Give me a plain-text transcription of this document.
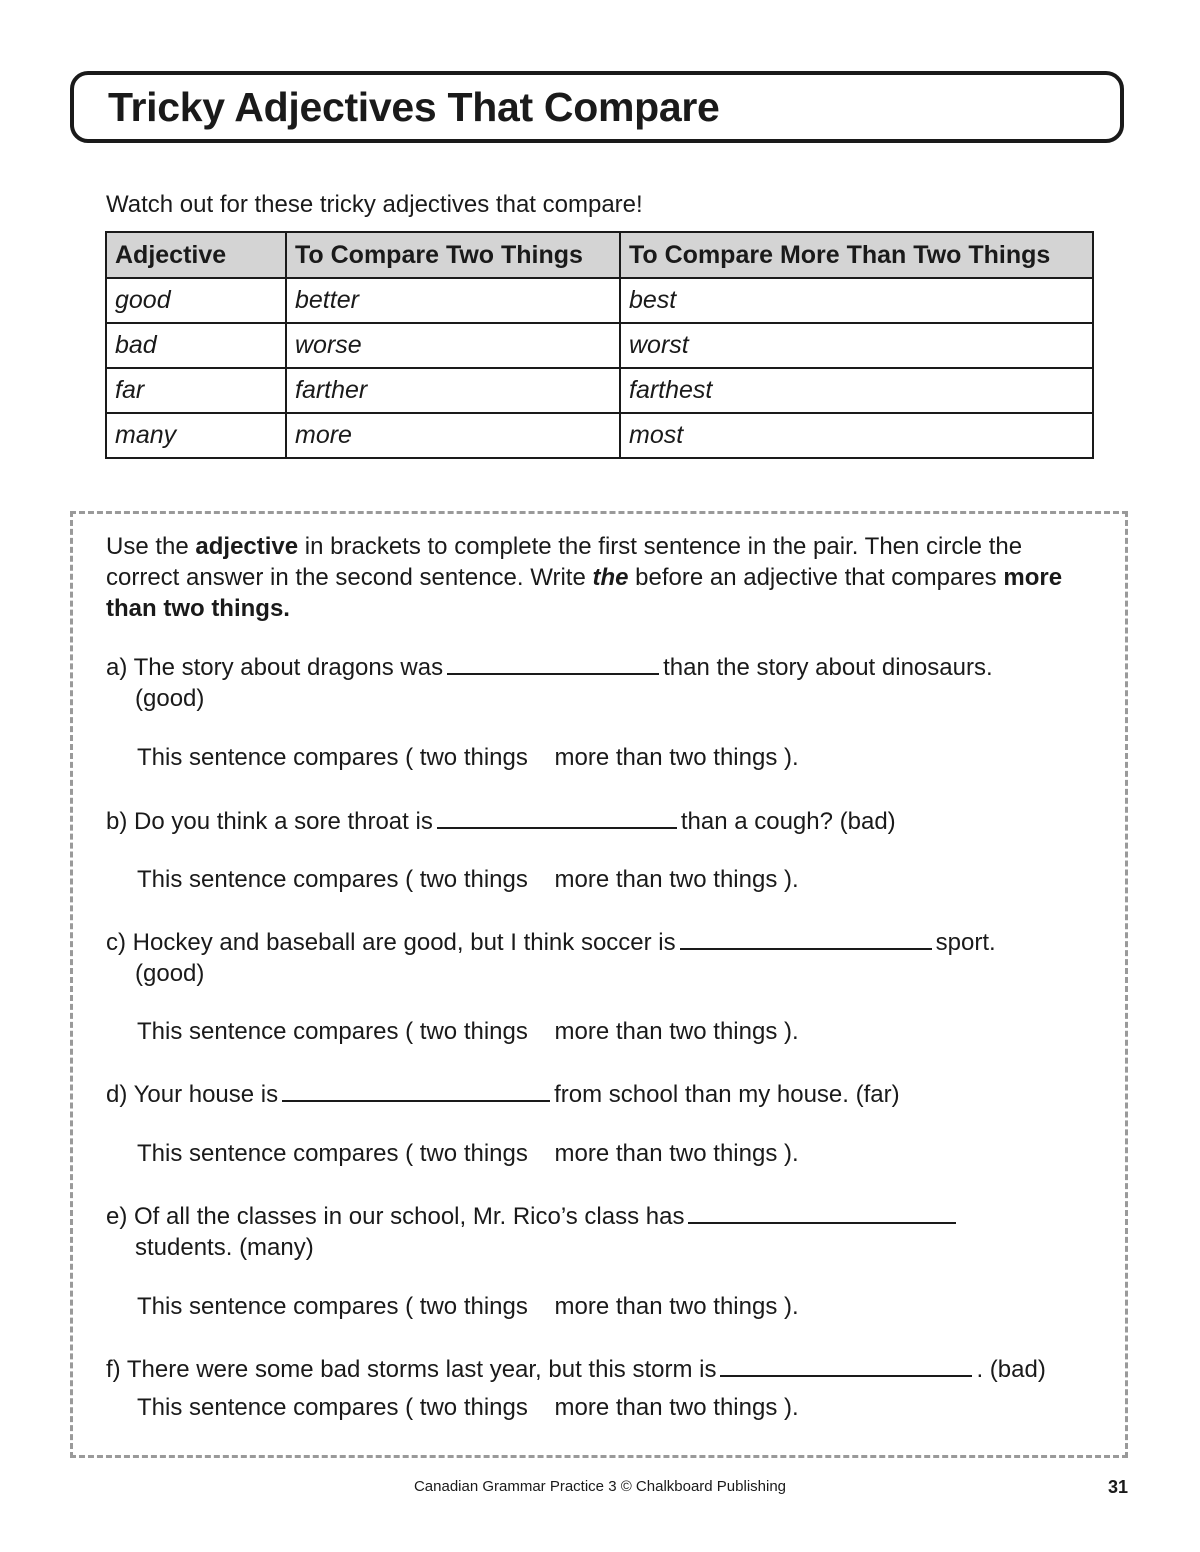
Tricky Adjectives That Compare

Watch out for these tricky adjectives that compare!

Adjective	To Compare Two Things	To Compare More Than Two Things
good	better	best
bad	worse	worst
far	farther	farthest
many	more	most

Use the adjective in brackets to complete the first sentence in the pair. Then circle the correct answer in the second sentence. Write the before an adjective that compares more than two things.

a) The story about dragons was	than the story about dinosaurs.
(good)

This sentence compares ( two things more than two things ).

b) Do you think a sore throat is	than a cough? (bad)

This sentence compares ( two things more than two things ).

c) Hockey and baseball are good, but I think soccer is	sport.
(good)

This sentence compares ( two things more than two things ).

d) Your house is	from school than my house. (far)

This sentence compares ( two things more than two things ).

e) Of all the classes in our school, Mr. Rico’s class has
students. (many)

This sentence compares ( two things more than two things ).

f) There were some bad storms last year, but this storm is	. (bad)

This sentence compares ( two things more than two things ).

Canadian Grammar Practice 3 © Chalkboard Publishing	31
